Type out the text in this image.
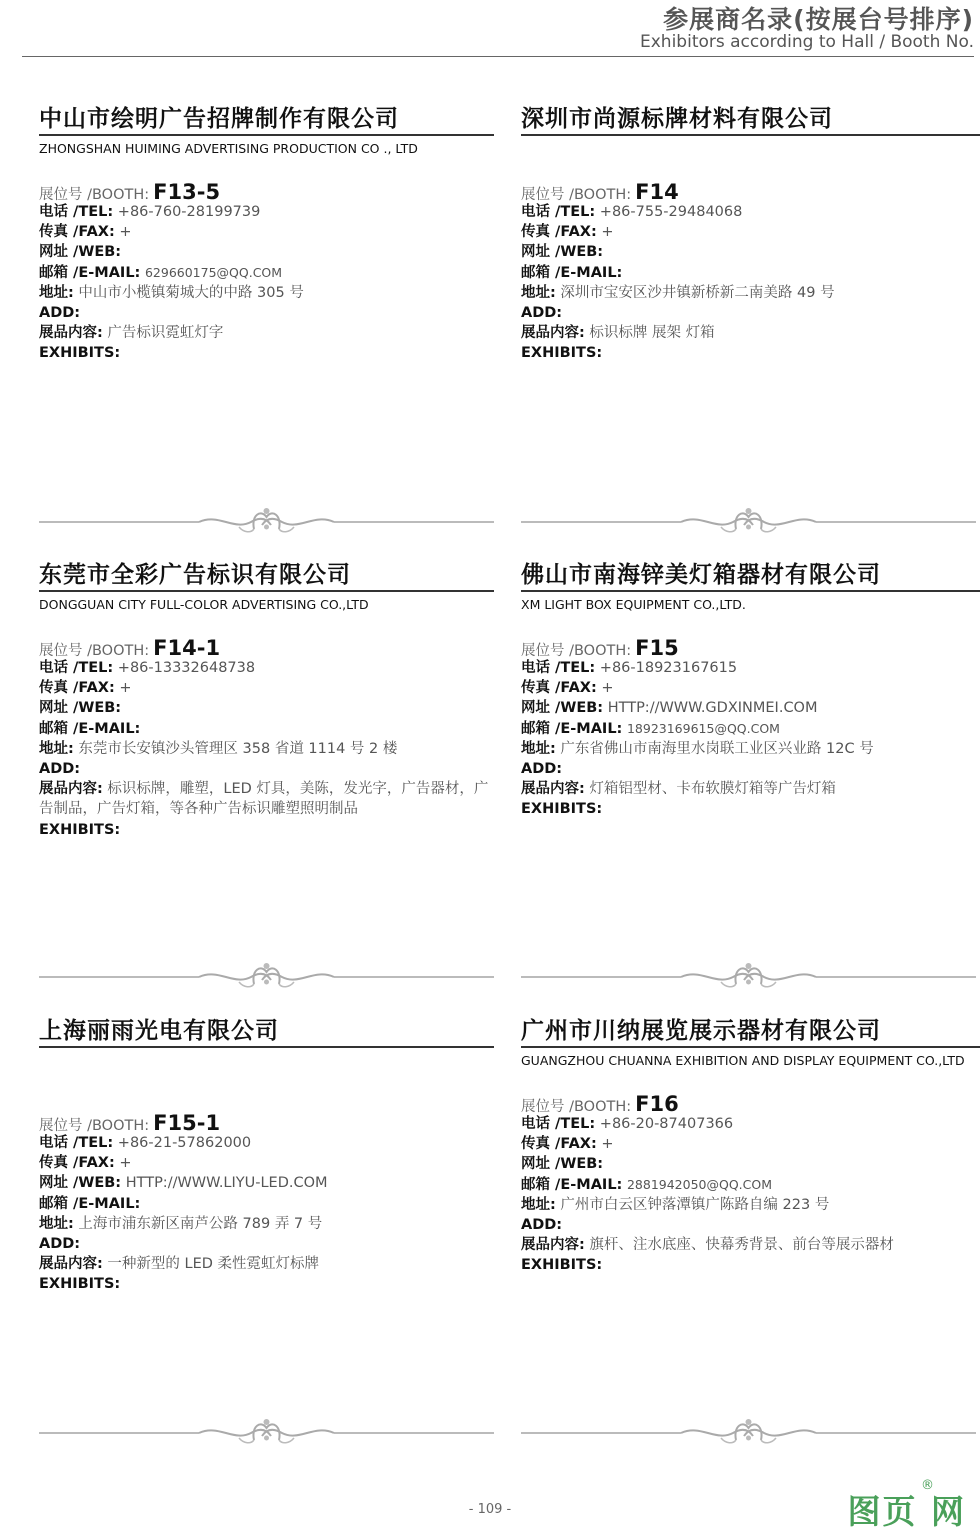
参展商名录(按展台号排序)
Exhibitors according to Hall / Booth No.
中山市绘明广告招牌制作有限公司
ZHONGSHAN HUIMING ADVERTISING PRODUCTION CO ., LTD
展位号 /BOOTH: F13-5
电话 /TEL: +86-760-28199739
传真 /FAX: +
网址 /WEB:
邮箱 /E-MAIL: 629660175@QQ.COM
地址: 中山市小榄镇菊城大的中路 305 号
ADD:
展品内容: 广告标识霓虹灯字
EXHIBITS:
深圳市尚源标牌材料有限公司
展位号 /BOOTH: F14
电话 /TEL: +86-755-29484068
传真 /FAX: +
网址 /WEB:
邮箱 /E-MAIL:
地址: 深圳市宝安区沙井镇新桥新二南美路 49 号
ADD:
展品内容: 标识标牌 展架 灯箱
EXHIBITS:
东莞市全彩广告标识有限公司
DONGGUAN CITY FULL-COLOR ADVERTISING CO.,LTD
展位号 /BOOTH: F14-1
电话 /TEL: +86-13332648738
传真 /FAX: +
网址 /WEB:
邮箱 /E-MAIL:
地址: 东莞市长安镇沙头管理区 358 省道 1114 号 2 楼
ADD:
展品内容: 标识标牌，雕塑，LED 灯具，美陈，发光字，广告器材，广告制品，广告灯箱，等各种广告标识雕塑照明制品
EXHIBITS:
佛山市南海锌美灯箱器材有限公司
XM LIGHT BOX EQUIPMENT CO.,LTD.
展位号 /BOOTH: F15
电话 /TEL: +86-18923167615
传真 /FAX: +
网址 /WEB: HTTP://WWW.GDXINMEI.COM
邮箱 /E-MAIL: 18923169615@QQ.COM
地址: 广东省佛山市南海里水岗联工业区兴业路 12C 号
ADD:
展品内容: 灯箱铝型材、卡布软膜灯箱等广告灯箱
EXHIBITS:
上海丽雨光电有限公司
展位号 /BOOTH: F15-1
电话 /TEL: +86-21-57862000
传真 /FAX: +
网址 /WEB: HTTP://WWW.LIYU-LED.COM
邮箱 /E-MAIL:
地址: 上海市浦东新区南芦公路 789 弄 7 号
ADD:
展品内容: 一种新型的 LED 柔性霓虹灯标牌
EXHIBITS:
广州市川纳展览展示器材有限公司
GUANGZHOU CHUANNA EXHIBITION AND DISPLAY EQUIPMENT CO.,LTD
展位号 /BOOTH: F16
电话 /TEL: +86-20-87407366
传真 /FAX: +
网址 /WEB:
邮箱 /E-MAIL: 2881942050@QQ.COM
地址: 广州市白云区钟落潭镇广陈路自编 223 号
ADD:
展品内容: 旗杆、注水底座、快幕秀背景、前台等展示器材
EXHIBITS:
- 109 -	图页 网
®
